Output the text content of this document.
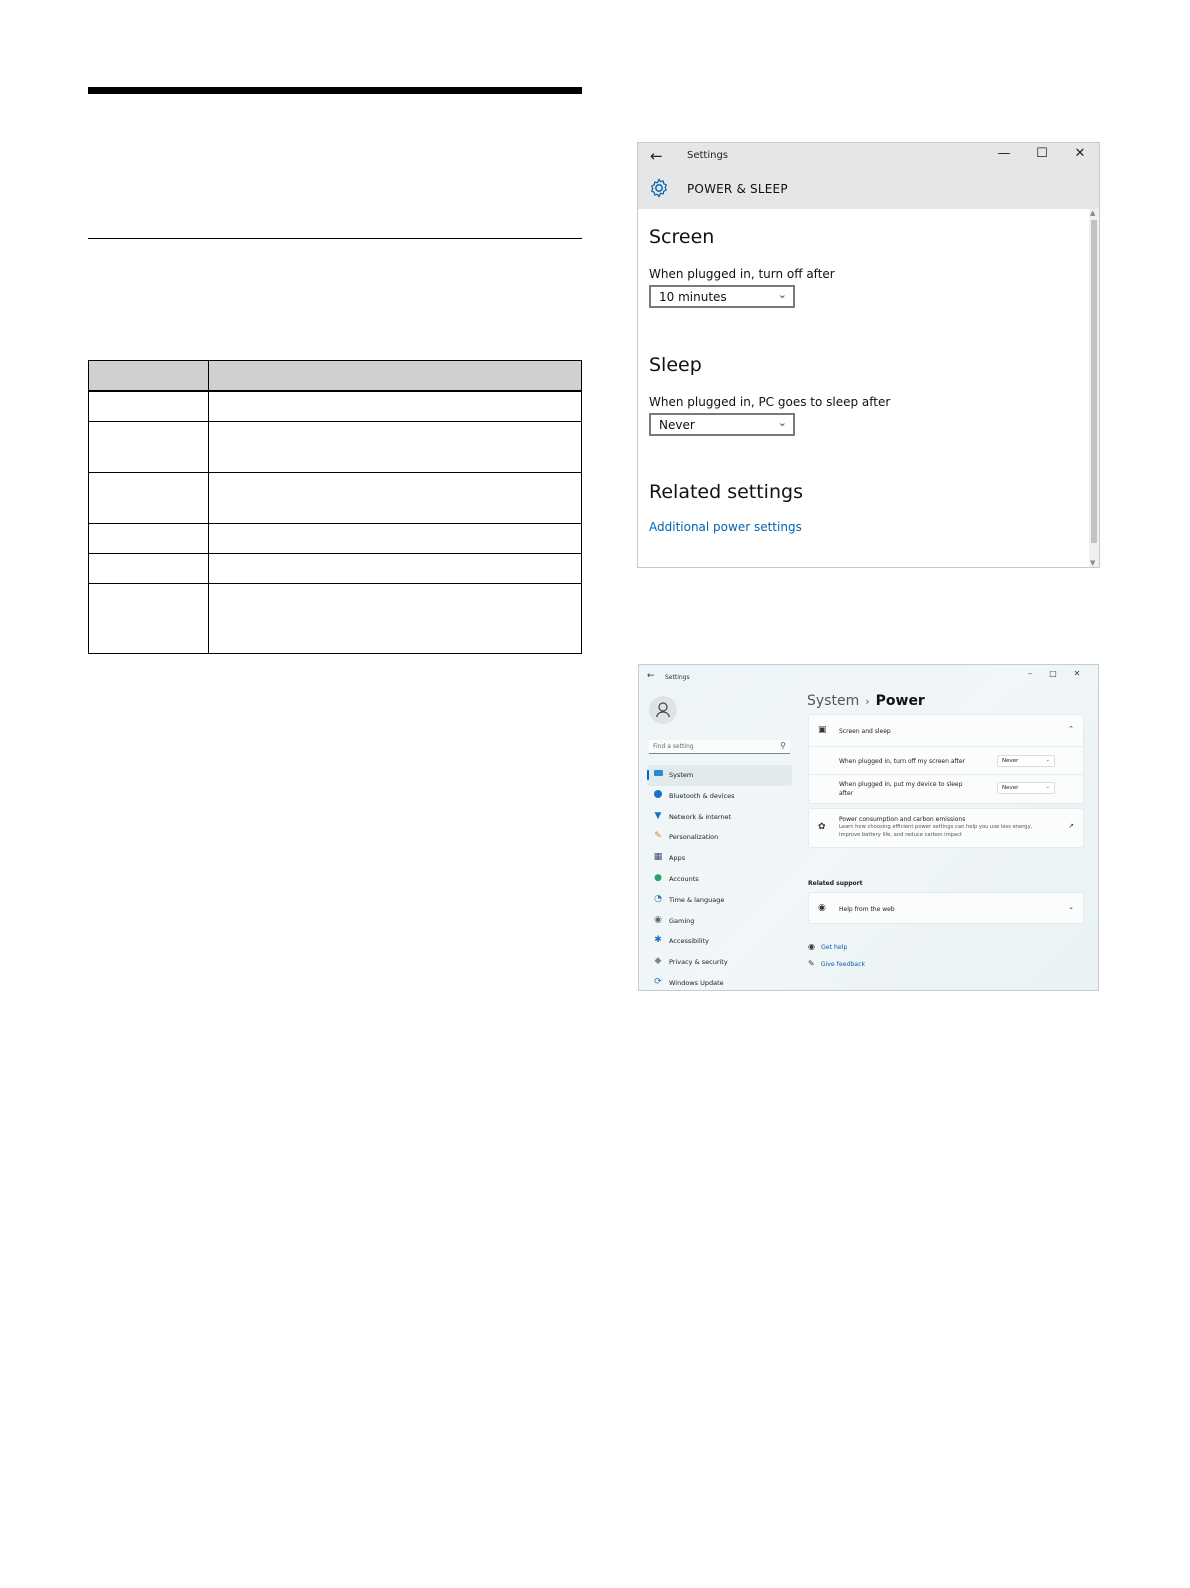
← Settings	—	☐	✕
POWER & SLEEP
Screen
When plugged in, turn off after
10 minutes	⌄
Sleep
When plugged in, PC goes to sleep after
Never	⌄
Related settings
Additional power settings
▲
▼
← Settings	–	□	✕
Find a setting	⚲
System
Bluetooth & devices
▼ Network & internet
✎ Personalization
▦ Apps
● Accounts
◔ Time & language
◉ Gaming
✱ Accessibility
◆ Privacy & security
⟳ Windows Update
System › Power
▣ Screen and sleep	⌃
When plugged in, turn off my screen after	Never	⌄
When plugged in, put my device to sleep
after
Never	⌄
✿
Power consumption and carbon emissions
Learn how choosing efficient power settings can help you use less energy,
improve battery life, and reduce carbon impact
↗
Related support
◉ Help from the web	⌄
◉ Get help
✎ Give feedback
